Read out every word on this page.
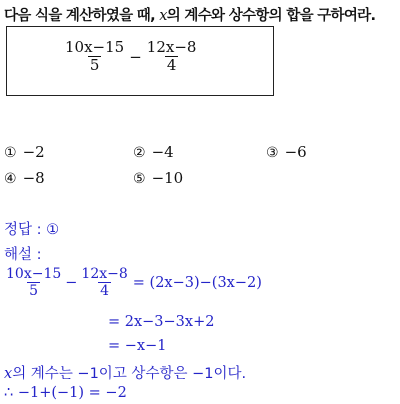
다음 식을 계산하였을 때, x의 계수와 상수항의 합을 구하여라.
$\frac{10x-15}{5} - \frac{12x-8}{4}$
① −2	② −4	③ −6
④ −8	⑤ −10
정답 : ①
해설 :
$\frac{10x-15}{5} - \frac{12x-8}{4} = (2x-3)-(3x-2)$
= 2x−3−3x+2
= −x−1
x의 계수는 −1이고 상수항은 −1이다.
∴ −1+(−1) = −2
